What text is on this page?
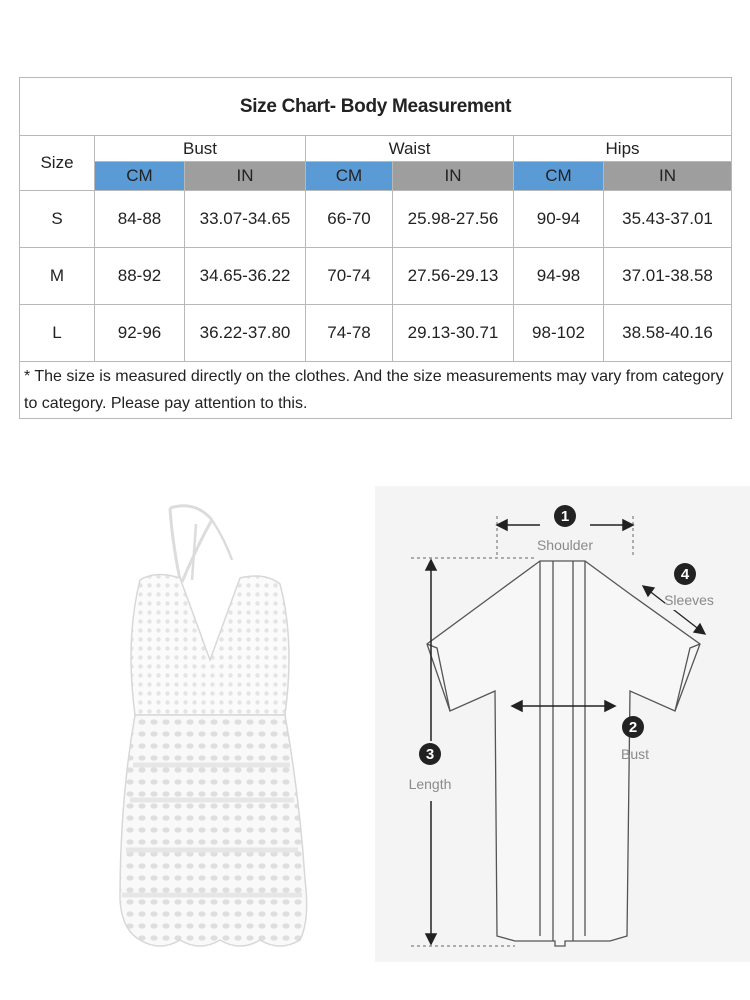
Size Chart- Body Measurement						
Size	Bust		Waist		Hips	
	CM	IN	CM	IN	CM	IN
S	84-88	33.07-34.65	66-70	25.98-27.56	90-94	35.43-37.01
M	88-92	34.65-36.22	70-74	27.56-29.13	94-98	37.01-38.58
L	92-96	36.22-37.80	74-78	29.13-30.71	98-102	38.58-40.16
* The size is measured directly on the clothes. And the size measurements may vary from category to category. Please pay attention to this.						
1
Shoulder
4
Sleeves
2
Bust
3
Length
